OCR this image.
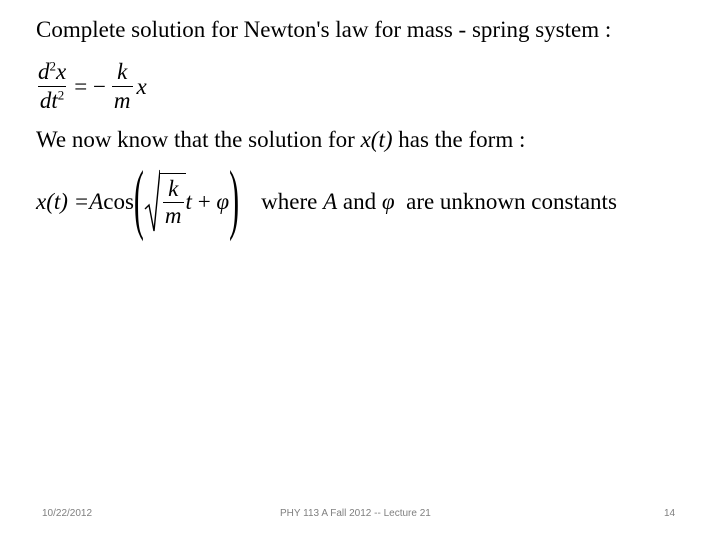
Complete solution for Newton's law for mass - spring system :
$\frac{d^2x}{dt^2}$ = − $\frac{k}{m}$ x
We now know that the solution for x(t) has the form :
x(t) = A cos ( $\frac{k}{m}$ t + φ ) where A and φ are unknown constants
10/22/2012	PHY 113 A Fall 2012 -- Lecture 21	14
